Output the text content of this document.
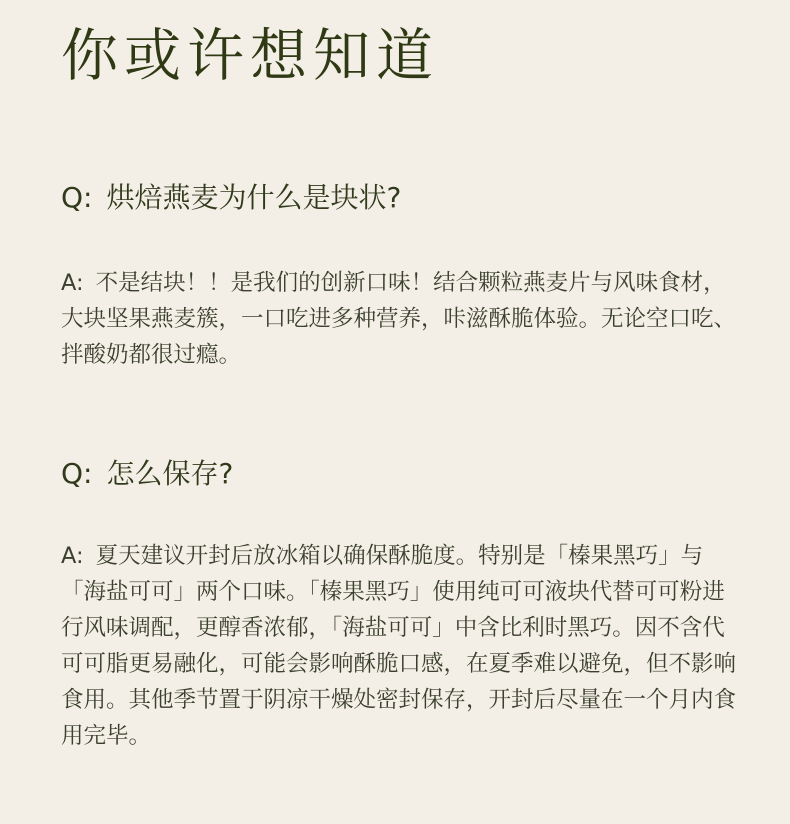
你或许想知道
Q: 烘焙燕麦为什么是块状?
A: 不是结块！！是我们的创新口味！结合颗粒燕麦片与风味食材，大块坚果燕麦簇，一口吃进多种营养，咔滋酥脆体验。无论空口吃、拌酸奶都很过瘾。
Q: 怎么保存?
A: 夏天建议开封后放冰箱以确保酥脆度。特别是「榛果黑巧」与「海盐可可」两个口味。「榛果黑巧」使用纯可可液块代替可可粉进行风味调配，更醇香浓郁，「海盐可可」中含比利时黑巧。因不含代可可脂更易融化，可能会影响酥脆口感，在夏季难以避免，但不影响食用。其他季节置于阴凉干燥处密封保存，开封后尽量在一个月内食用完毕。
